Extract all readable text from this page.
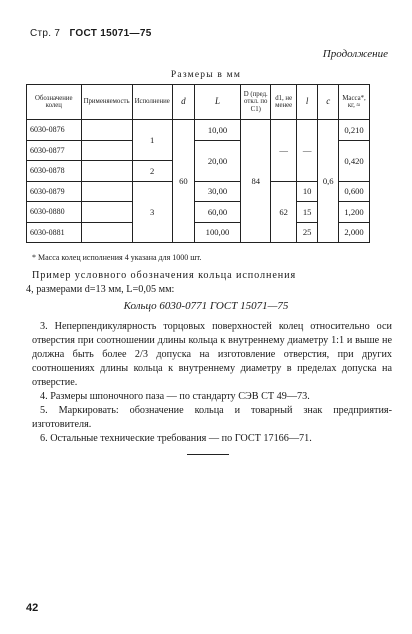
Стр. 7 ГОСТ 15071—75
Продолжение
Размеры в мм
Обозначение колец	Применяемость	Исполнение	d	L	D (пред. откл. по C1)	d1, не менее	l	c	Масса*, кг, ≈
6030-0876		1	60	10,00	84	—	—	0,6	0,210
6030-0877				20,00					0,420
6030-0878		2							
6030-0879		3		30,00		62	10		0,600
6030-0880				60,00			15		1,200
6030-0881				100,00			25		2,000
* Масса колец исполнения 4 указана для 1000 шт.
Пример условного обозначения кольца исполнения
4, размерами d=13 мм, L=0,05 мм:
Кольцо 6030-0771 ГОСТ 15071—75
3. Неперпендикулярность торцовых поверхностей колец относительно оси отверстия при соотношении длины кольца к внутреннему диаметру 1:1 и выше не должна быть более 2/3 допуска на изготовление отверстия, при других соотношениях длины кольца к внутреннему диаметру в пределах допуска на отверстие.
4. Размеры шпоночного паза — по стандарту СЭВ СТ 49—73.
5. Маркировать: обозначение кольца и товарный знак предприятия-изготовителя.
6. Остальные технические требования — по ГОСТ 17166—71.
42
